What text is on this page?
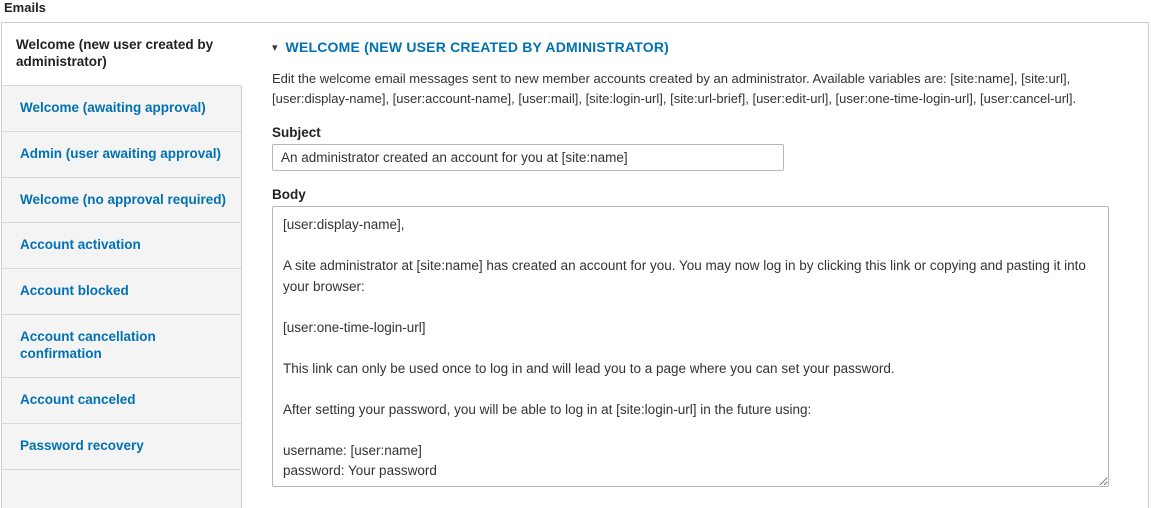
Emails
Welcome (new user created by administrator)
Welcome (awaiting approval)
Admin (user awaiting approval)
Welcome (no approval required)
Account activation
Account blocked
Account cancellation confirmation
Account canceled
Password recovery
▾ WELCOME (NEW USER CREATED BY ADMINISTRATOR)

Edit the welcome email messages sent to new member accounts created by an administrator. Available variables are: [site:name], [site:url], [user:display-name], [user:account-name], [user:mail], [site:login-url], [site:url-brief], [user:edit-url], [user:one-time-login-url], [user:cancel-url].

Subject
An administrator created an account for you at [site:name]
Body
[user:display-name], A site administrator at [site:name] has created an account for you. You may now log in by clicking this link or copying and pasting it into your browser: [user:one-time-login-url] This link can only be used once to log in and will lead you to a page where you can set your password. After setting your password, you will be able to log in at [site:login-url] in the future using: username: [user:name] password: Your password -- [site:name] team
